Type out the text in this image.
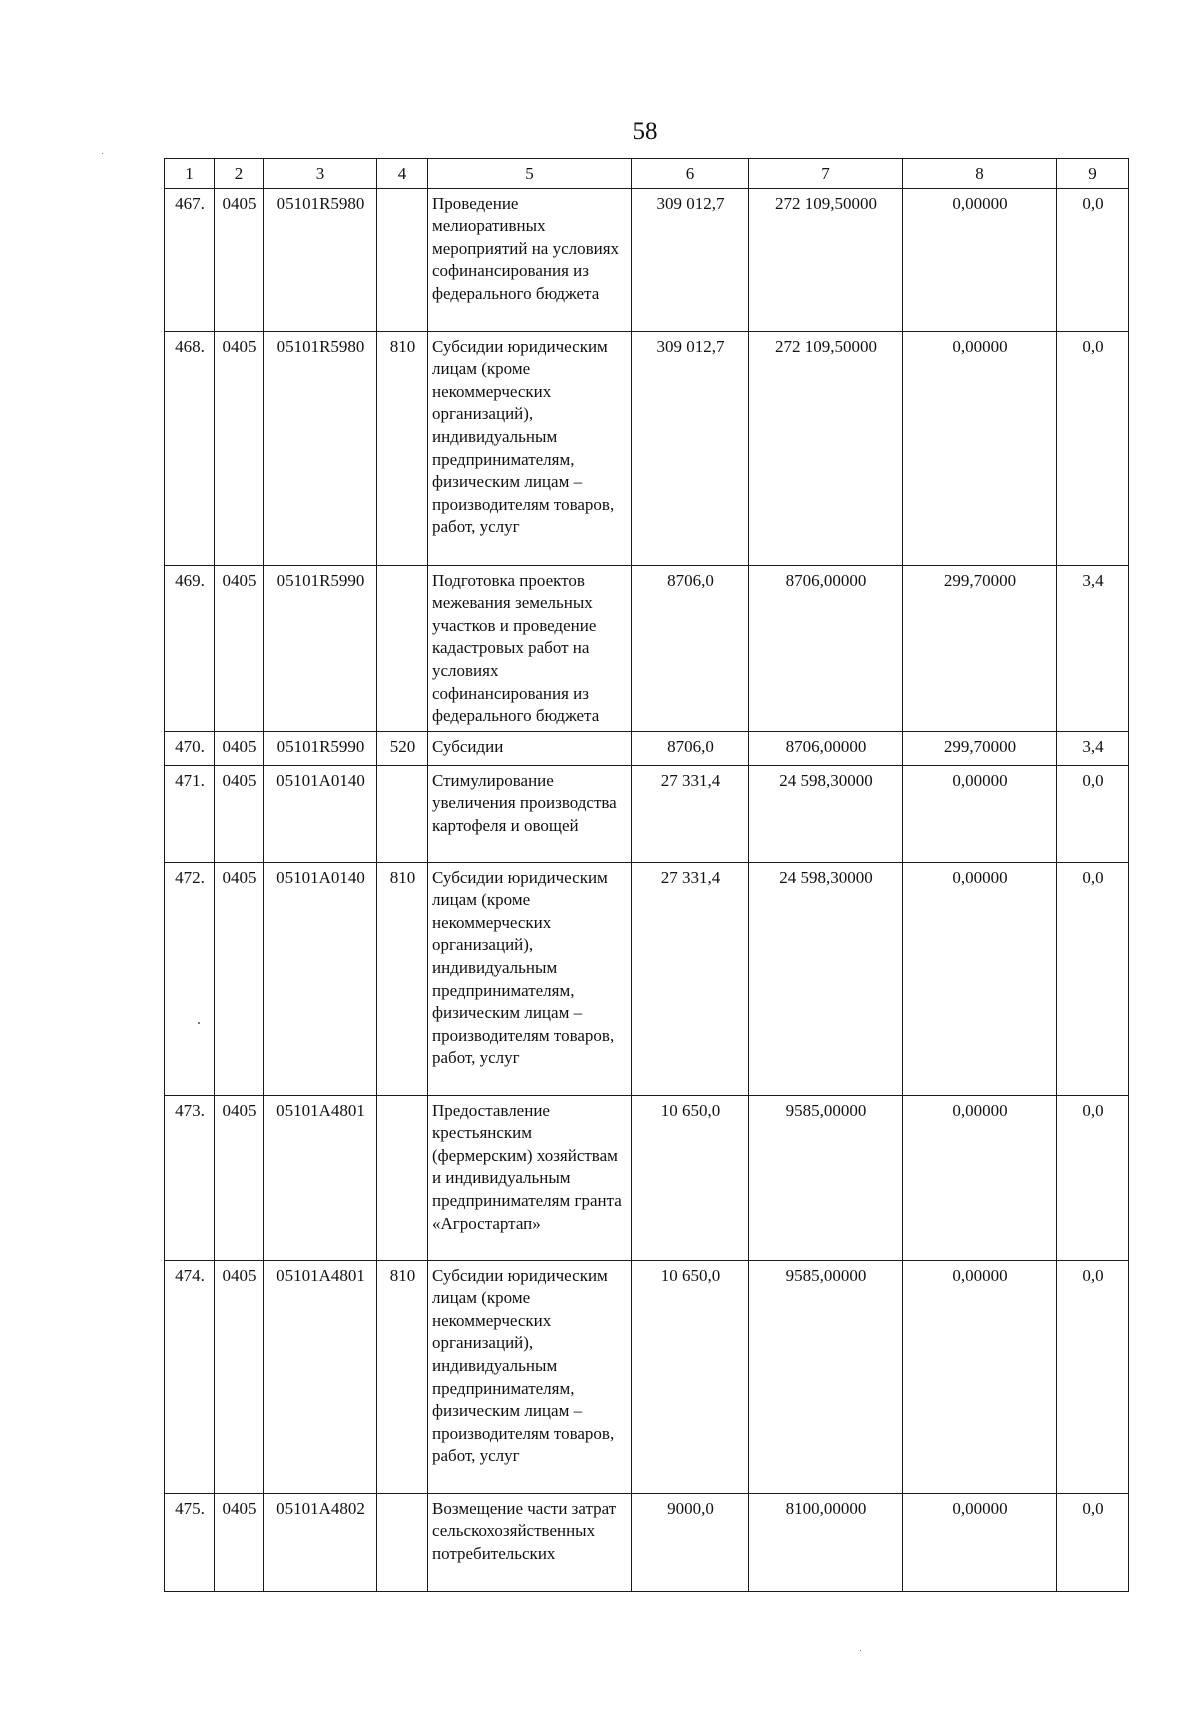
58
1	2	3	4	5	6	7	8	9
467.	0405	05101R5980		Проведение мелиоративных мероприятий на условиях софинансирования из федерального бюджета	309 012,7	272 109,50000	0,00000	0,0
468.	0405	05101R5980	810	Субсидии юридическим лицам (кроме некоммерческих организаций), индивидуальным предпринимателям, физическим лицам – производителям товаров, работ, услуг	309 012,7	272 109,50000	0,00000	0,0
469.	0405	05101R5990		Подготовка проектов межевания земельных участков и проведение кадастровых работ на условиях софинансирования из федерального бюджета	8706,0	8706,00000	299,70000	3,4
470.	0405	05101R5990	520	Субсидии	8706,0	8706,00000	299,70000	3,4
471.	0405	05101A0140		Стимулирование увеличения производства картофеля и овощей	27 331,4	24 598,30000	0,00000	0,0
472.	0405	05101A0140	810	Субсидии юридическим лицам (кроме некоммерческих организаций), индивидуальным предпринимателям, физическим лицам – производителям товаров, работ, услуг	27 331,4	24 598,30000	0,00000	0,0
473.	0405	05101A4801		Предоставление крестьянским (фермерским) хозяйствам и индивидуальным предпринимателям гранта «Агростартап»	10 650,0	9585,00000	0,00000	0,0
474.	0405	05101A4801	810	Субсидии юридическим лицам (кроме некоммерческих организаций), индивидуальным предпринимателям, физическим лицам – производителям товаров, работ, услуг	10 650,0	9585,00000	0,00000	0,0
475.	0405	05101A4802		Возмещение части затрат сельскохозяйственных потребительских	9000,0	8100,00000	0,00000	0,0
